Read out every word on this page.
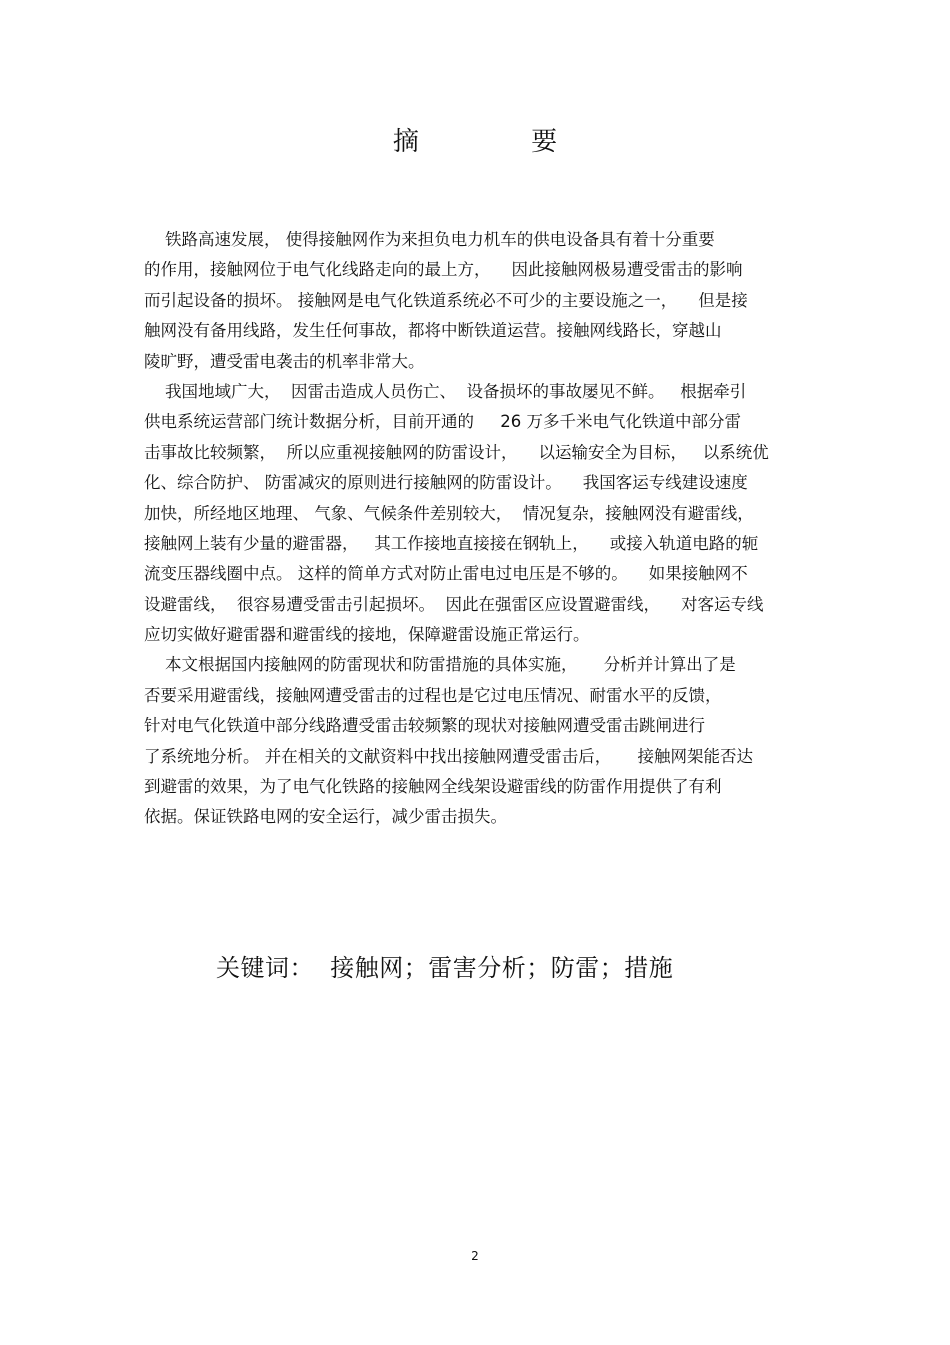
摘 要
铁路高速发展， 使得接触网作为来担负电力机车的供电设备具有着十分重要
的作用，接触网位于电气化线路走向的最上方，    因此接触网极易遭受雷击的影响
而引起设备的损坏。 接触网是电气化铁道系统必不可少的主要设施之一，    但是接
触网没有备用线路，发生任何事故，都将中断铁道运营。接触网线路长，穿越山
陵旷野，遭受雷电袭击的机率非常大。
我国地域广大，  因雷击造成人员伤亡、  设备损坏的事故屡见不鲜。   根据牵引
供电系统运营部门统计数据分析，目前开通的     26 万多千米电气化铁道中部分雷
击事故比较频繁，  所以应重视接触网的防雷设计，    以运输安全为目标，   以系统优
化、综合防护、 防雷减灾的原则进行接触网的防雷设计。    我国客运专线建设速度
加快，所经地区地理、 气象、气候条件差别较大，  情况复杂，接触网没有避雷线，
接触网上装有少量的避雷器，   其工作接地直接接在钢轨上，    或接入轨道电路的轭
流变压器线圈中点。 这样的简单方式对防止雷电过电压是不够的。    如果接触网不
设避雷线，  很容易遭受雷击引起损坏。  因此在强雷区应设置避雷线，    对客运专线
应切实做好避雷器和避雷线的接地，保障避雷设施正常运行。
本文根据国内接触网的防雷现状和防雷措施的具体实施，     分析并计算出了是
否要采用避雷线，接触网遭受雷击的过程也是它过电压情况、耐雷水平的反馈，
针对电气化铁道中部分线路遭受雷击较频繁的现状对接触网遭受雷击跳闸进行
了系统地分析。 并在相关的文献资料中找出接触网遭受雷击后，     接触网架能否达
到避雷的效果，为了电气化铁路的接触网全线架设避雷线的防雷作用提供了有利
依据。保证铁路电网的安全运行，减少雷击损失。
关键词：  接触网；雷害分析；防雷；措施
2
